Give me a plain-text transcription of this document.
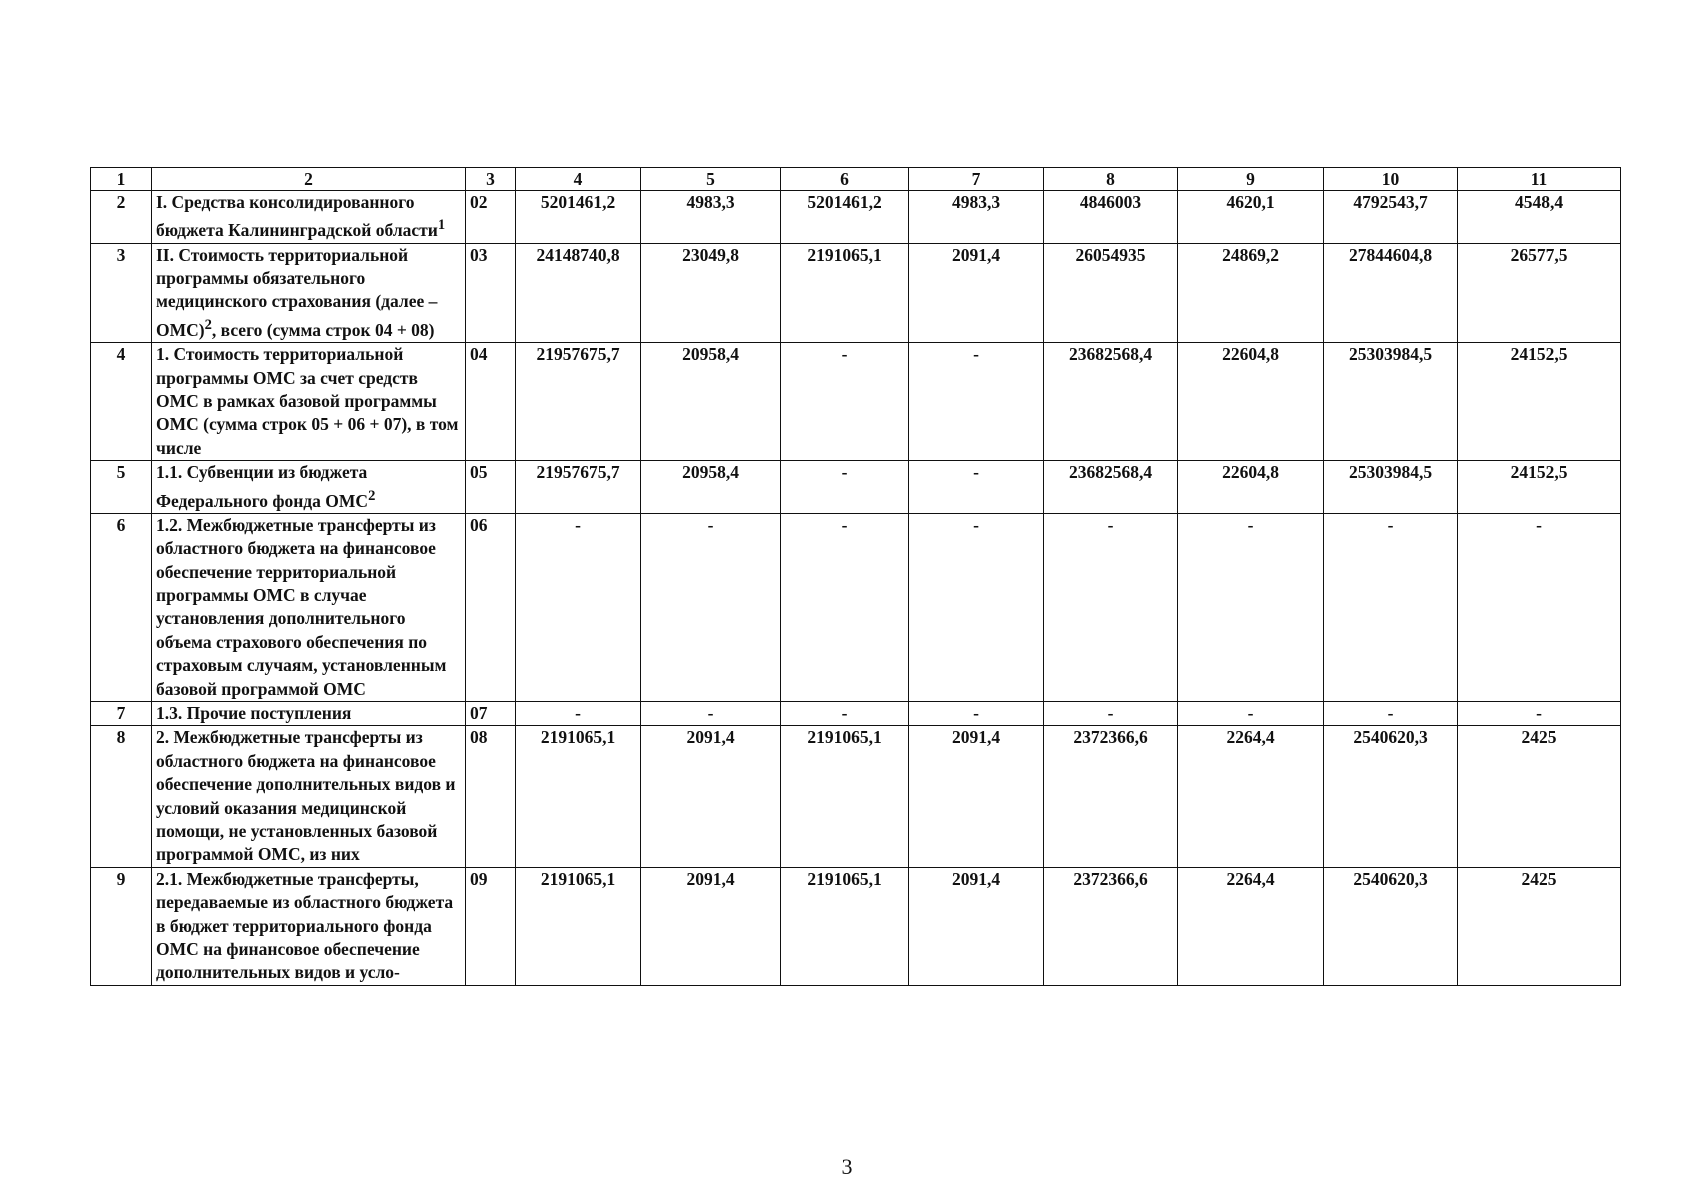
1	2	3	4	5	6	7	8	9	10	11
2	I. Средства консолидированного бюджета Калининградской области$^1$	02	5201461,2	4983,3	5201461,2	4983,3	4846003	4620,1	4792543,7	4548,4
3	II. Стоимость территориальной программы обязательного медицинского страхования (далее – ОМС)$^2$, всего (сумма строк 04 + 08)	03	24148740,8	23049,8	2191065,1	2091,4	26054935	24869,2	27844604,8	26577,5
4	1. Стоимость территориальной программы ОМС за счет средств ОМС в рамках базовой программы ОМС (сумма строк 05 + 06 + 07), в том числе	04	21957675,7	20958,4	-	-	23682568,4	22604,8	25303984,5	24152,5
5	1.1. Субвенции из бюджета Федерального фонда ОМС$^2$	05	21957675,7	20958,4	-	-	23682568,4	22604,8	25303984,5	24152,5
6	1.2. Межбюджетные трансферты из областного бюджета на финансовое обеспечение территориальной программы ОМС в случае установления дополнительного объема страхового обеспечения по страховым случаям, установленным базовой программой ОМС	06	-	-	-	-	-	-	-	-
7	1.3. Прочие поступления	07	-	-	-	-	-	-	-	-
8	2. Межбюджетные трансферты из областного бюджета на финансовое обеспечение дополнительных видов и условий оказания медицинской помощи, не установленных базовой программой ОМС, из них	08	2191065,1	2091,4	2191065,1	2091,4	2372366,6	2264,4	2540620,3	2425
9	2.1. Межбюджетные трансферты, передаваемые из областного бюджета в бюджет территориального фонда ОМС на финансовое обеспечение дополнительных видов и усло-	09	2191065,1	2091,4	2191065,1	2091,4	2372366,6	2264,4	2540620,3	2425
3
